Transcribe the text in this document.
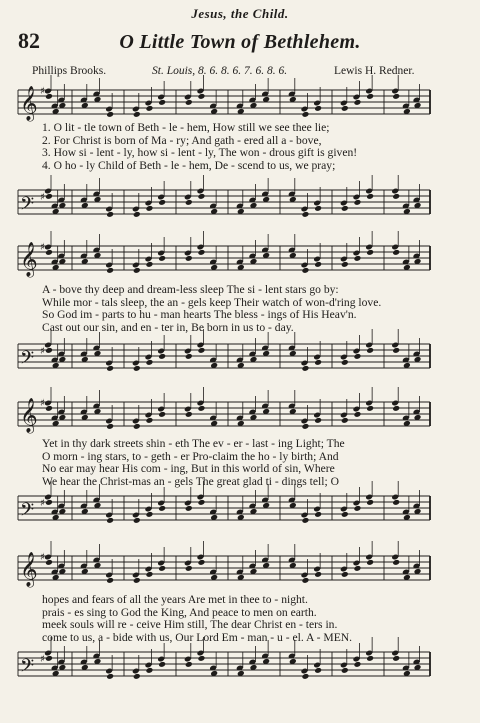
Jesus, the Child.
82	O Little Town of Bethlehem.
Phillips Brooks.	St. Louis, 8. 6. 8. 6. 7. 6. 8. 6.	Lewis H. Redner.
𝄞 ♯
1. O lit - tle town of Beth - le - hem, How still we see thee lie;
2. For Christ is born of Ma - ry; And gath - ered all a - bove,
3. How si - lent - ly, how si - lent - ly, The won - drous gift is given!
4. O ho - ly Child of Beth - le - hem, De - scend to us, we pray;
𝄢 ♯
𝄞 ♯
A - bove thy deep and dream-less sleep The si - lent stars go by:
While mor - tals sleep, the an - gels keep Their watch of won-d'ring love.
So God im - parts to hu - man hearts The bless - ings of His Heav'n.
Cast out our sin, and en - ter in, Be born in us to - day.
𝄢 ♯
𝄞 ♯
Yet in thy dark streets shin - eth The ev - er - last - ing Light; The
O morn - ing stars, to - geth - er Pro-claim the ho - ly birth; And
No ear may hear His com - ing, But in this world of sin, Where
We hear the Christ-mas an - gels The great glad ti - dings tell; O
𝄢 ♯
𝄞 ♯
hopes and fears of all the years Are met in thee to - night.
prais - es sing to God the King, And peace to men on earth.
meek souls will re - ceive Him still, The dear Christ en - ters in.
come to us, a - bide with us, Our Lord Em - man - u - el. A - MEN.
𝄢 ♯
